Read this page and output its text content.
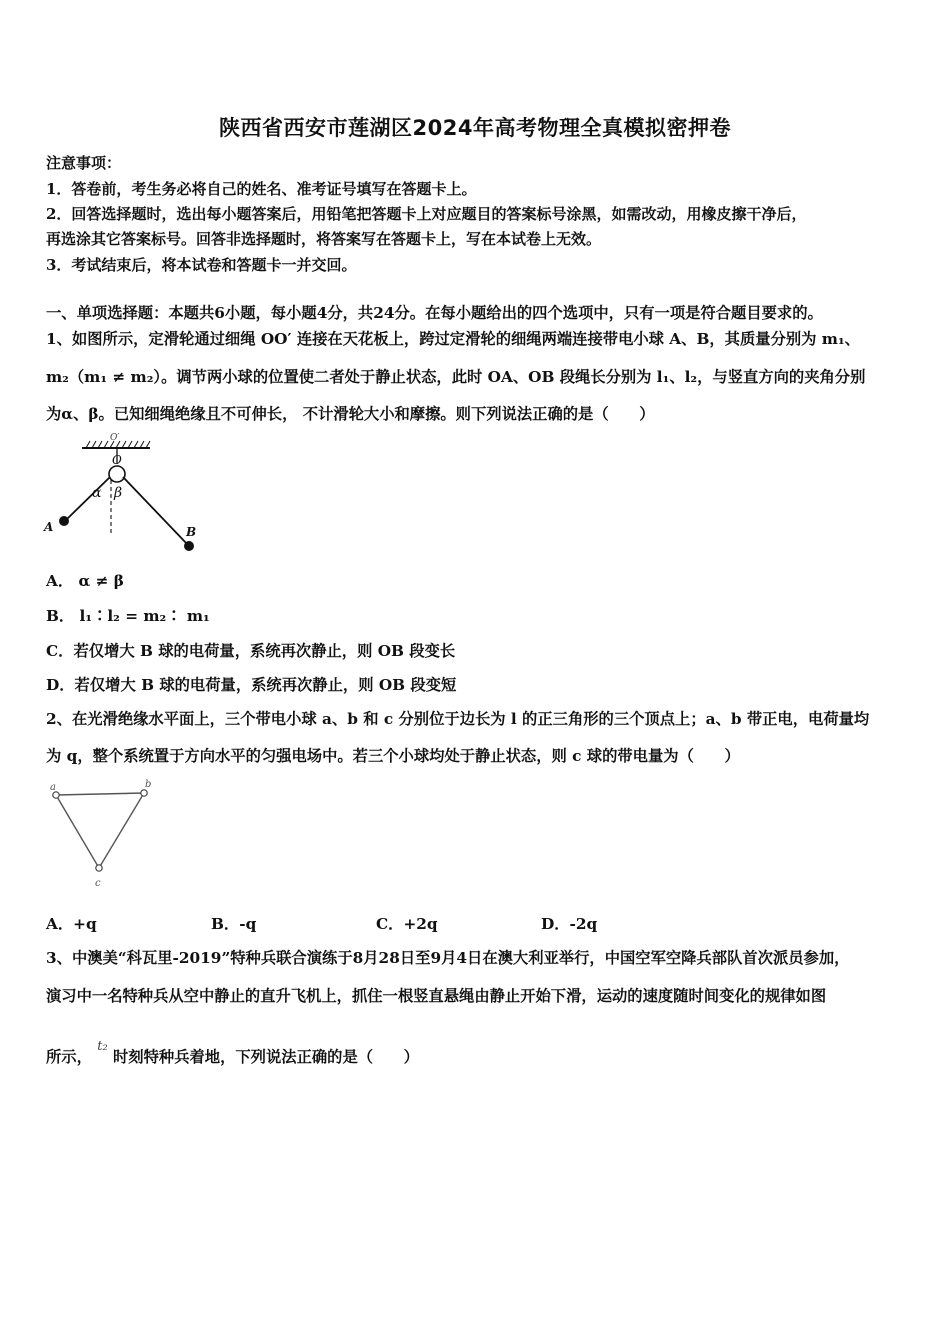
陕西省西安市莲湖区2024年高考物理全真模拟密押卷
注意事项：
1．答卷前，考生务必将自己的姓名、准考证号填写在答题卡上。
2．回答选择题时，选出每小题答案后，用铅笔把答题卡上对应题目的答案标号涂黑，如需改动，用橡皮擦干净后，
再选涂其它答案标号。回答非选择题时，将答案写在答题卡上，写在本试卷上无效。
3．考试结束后，将本试卷和答题卡一并交回。
一、单项选择题：本题共6小题，每小题4分，共24分。在每小题给出的四个选项中，只有一项是符合题目要求的。
1、如图所示，定滑轮通过细绳 OO′ 连接在天花板上，跨过定滑轮的细绳两端连接带电小球 A、B，其质量分别为 m₁、
m₂（m₁ ≠ m₂）。调节两小球的位置使二者处于静止状态，此时 OA、OB 段绳长分别为 l₁、l₂，与竖直方向的夹角分别
为α、β。已知细绳绝缘且不可伸长， 不计滑轮大小和摩擦。则下列说法正确的是（　　）
O′
O
α β
A	B
A． α ≠ β
B． l₁∶l₂ = m₂∶ m₁
C．若仅增大 B 球的电荷量，系统再次静止，则 OB 段变长
D．若仅增大 B 球的电荷量，系统再次静止，则 OB 段变短
2、在光滑绝缘水平面上，三个带电小球 a、b 和 c 分别位于边长为 l 的正三角形的三个顶点上；a、b 带正电，电荷量均
为 q，整个系统置于方向水平的匀强电场中。若三个小球均处于静止状态，则 c 球的带电量为（　　）
a	b
c
A．+q	B．-q	C．+2q	D．-2q
3、中澳美“科瓦里-2019”特种兵联合演练于8月28日至9月4日在澳大利亚举行，中国空军空降兵部队首次派员参加，
演习中一名特种兵从空中静止的直升飞机上，抓住一根竖直悬绳由静止开始下滑，运动的速度随时间变化的规律如图
所示， $^{t_2}$ 时刻特种兵着地，下列说法正确的是（　　）
